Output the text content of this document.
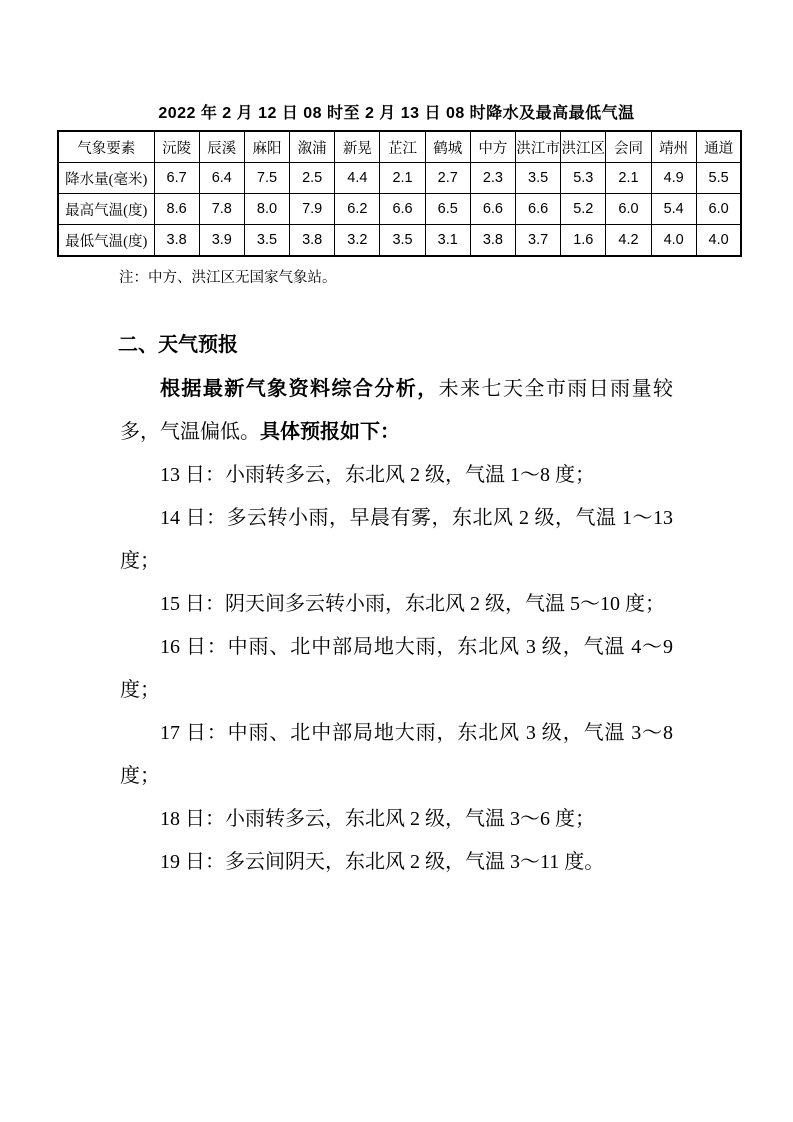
2022 年 2 月 12 日 08 时至 2 月 13 日 08 时降水及最高最低气温
气象要素	沅陵	辰溪	麻阳	溆浦	新晃	芷江	鹤城	中方	洪江市	洪江区	会同	靖州	通道
降水量(毫米)	6.7	6.4	7.5	2.5	4.4	2.1	2.7	2.3	3.5	5.3	2.1	4.9	5.5
最高气温(度)	8.6	7.8	8.0	7.9	6.2	6.6	6.5	6.6	6.6	5.2	6.0	5.4	6.0
最低气温(度)	3.8	3.9	3.5	3.8	3.2	3.5	3.1	3.8	3.7	1.6	4.2	4.0	4.0
注：中方、洪江区无国家气象站。
二、天气预报

根据最新气象资料综合分析，未来七天全市雨日雨量较多，气温偏低。具体预报如下：

13 日：小雨转多云，东北风 2 级，气温 1～8 度；

14 日：多云转小雨，早晨有雾，东北风 2 级，气温 1～13 度；

15 日：阴天间多云转小雨，东北风 2 级，气温 5～10 度；

16 日：中雨、北中部局地大雨，东北风 3 级，气温 4～9 度；

17 日：中雨、北中部局地大雨，东北风 3 级，气温 3～8 度；

18 日：小雨转多云，东北风 2 级，气温 3～6 度；

19 日：多云间阴天，东北风 2 级，气温 3～11 度。
